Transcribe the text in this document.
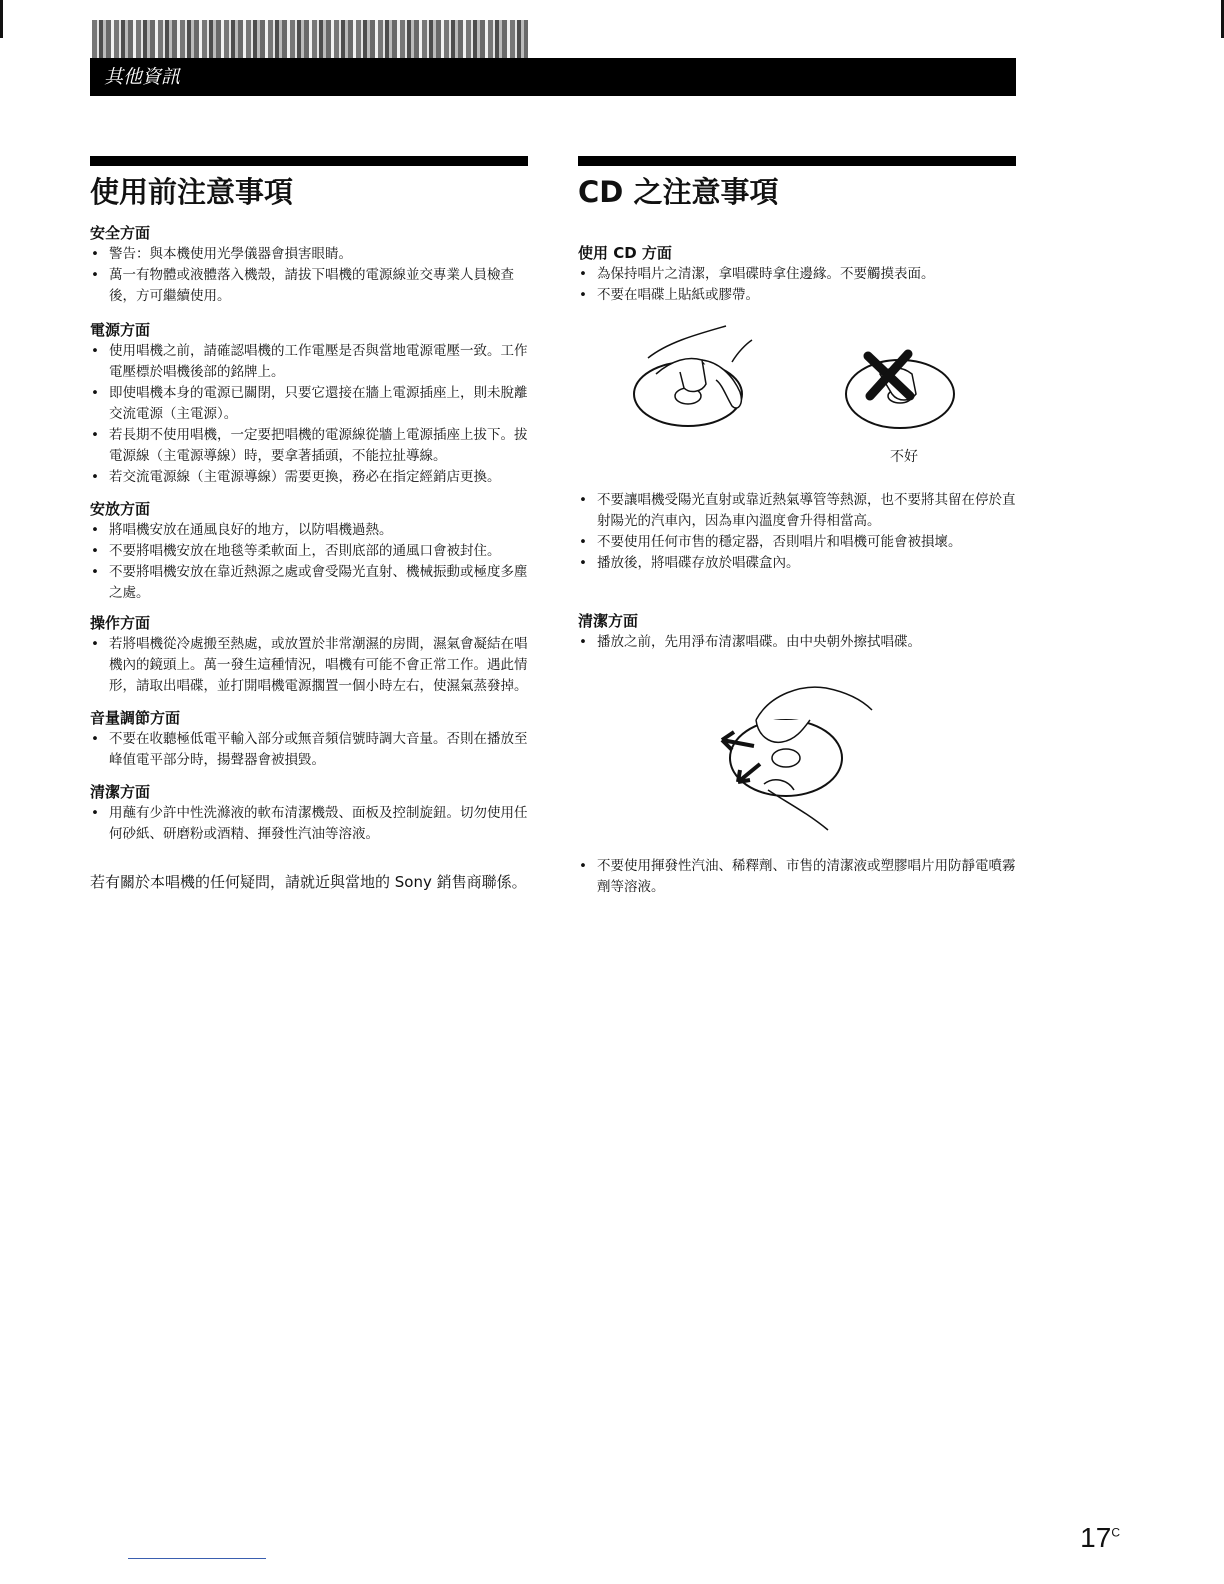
其他資訊
使用前注意事項
安全方面
• 警告：與本機使用光學儀器會損害眼睛。
• 萬一有物體或液體落入機殼，請拔下唱機的電源線並交專業人員檢查後，方可繼續使用。
電源方面
• 使用唱機之前，請確認唱機的工作電壓是否與當地電源電壓一致。工作電壓標於唱機後部的銘牌上。
• 即使唱機本身的電源已關閉，只要它還接在牆上電源插座上，則未脫離交流電源（主電源）。
• 若長期不使用唱機，一定要把唱機的電源線從牆上電源插座上拔下。拔電源線（主電源導線）時，要拿著插頭，不能拉扯導線。
• 若交流電源線（主電源導線）需要更換，務必在指定經銷店更換。
安放方面
• 將唱機安放在通風良好的地方，以防唱機過熱。
• 不要將唱機安放在地毯等柔軟面上，否則底部的通風口會被封住。
• 不要將唱機安放在靠近熱源之處或會受陽光直射、機械振動或極度多塵之處。
操作方面
• 若將唱機從冷處搬至熱處，或放置於非常潮濕的房間，濕氣會凝結在唱機內的鏡頭上。萬一發生這種情況，唱機有可能不會正常工作。遇此情形，請取出唱碟，並打開唱機電源擱置一個小時左右，使濕氣蒸發掉。
音量調節方面
• 不要在收聽極低電平輸入部分或無音頻信號時調大音量。否則在播放至峰值電平部分時，揚聲器會被損毀。
清潔方面
• 用蘸有少許中性洗滌液的軟布清潔機殼、面板及控制旋鈕。切勿使用任何砂紙、研磨粉或酒精、揮發性汽油等溶液。
若有關於本唱機的任何疑問，請就近與當地的 Sony 銷售商聯係。
CD 之注意事項
使用 CD 方面
• 為保持唱片之清潔，拿唱碟時拿住邊緣。不要觸摸表面。
• 不要在唱碟上貼紙或膠帶。
不好
• 不要讓唱機受陽光直射或靠近熱氣導管等熱源，也不要將其留在停於直射陽光的汽車內，因為車內溫度會升得相當高。
• 不要使用任何市售的穩定器，否則唱片和唱機可能會被損壞。
• 播放後，將唱碟存放於唱碟盒內。
清潔方面
• 播放之前，先用淨布清潔唱碟。由中央朝外擦拭唱碟。
• 不要使用揮發性汽油、稀釋劑、市售的清潔液或塑膠唱片用防靜電噴霧劑等溶液。
$17^C$
